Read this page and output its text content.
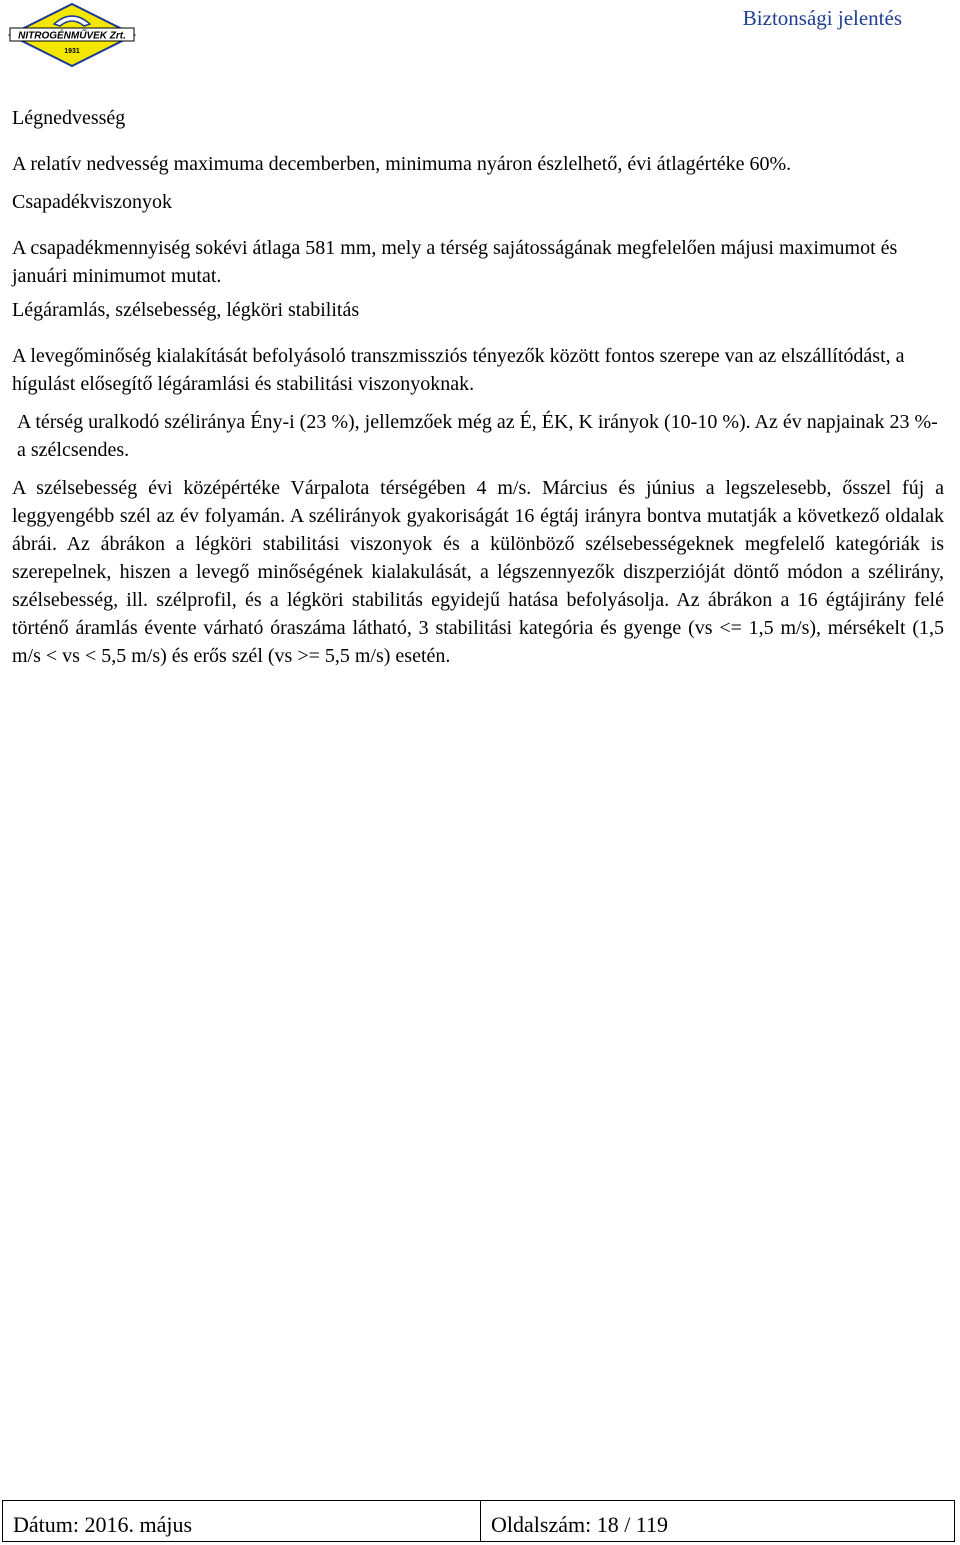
NITROGÉNMŰVEK Zrt.
1931
Biztonsági jelentés
Légnedvesség
A relatív nedvesség maximuma decemberben, minimuma nyáron észlelhető, évi átlagértéke 60%.
Csapadékviszonyok
A csapadékmennyiség sokévi átlaga 581 mm, mely a térség sajátosságának megfelelően májusi maximumot és januári minimumot mutat.
Légáramlás, szélsebesség, légköri stabilitás
A levegőminőség kialakítását befolyásoló transzmissziós tényezők között fontos szerepe van az elszállítódást, a hígulást elősegítő légáramlási és stabilitási viszonyoknak.
A térség uralkodó széliránya Ény-i (23 %), jellemzőek még az É, ÉK, K irányok (10-10 %). Az év napjainak 23 %-a szélcsendes.
A szélsebesség évi középértéke Várpalota térségében 4 m/s. Március és június a legszelesebb, ősszel fúj a leggyengébb szél az év folyamán. A szélirányok gyakoriságát 16 égtáj irányra bontva mutatják a következő oldalak ábrái. Az ábrákon a légköri stabilitási viszonyok és a különböző szélsebességeknek megfelelő kategóriák is szerepelnek, hiszen a levegő minőségének kialakulását, a légszennyezők diszperzióját döntő módon a szélirány, szélsebesség, ill. szélprofil, és a légköri stabilitás egyidejű hatása befolyásolja. Az ábrákon a 16 égtájirány felé történő áramlás évente várható óraszáma látható, 3 stabilitási kategória és gyenge (vs <= 1,5 m/s), mérsékelt (1,5 m/s < vs < 5,5 m/s) és erős szél (vs >= 5,5 m/s) esetén.
Dátum: 2016. május	Oldalszám: 18 / 119
